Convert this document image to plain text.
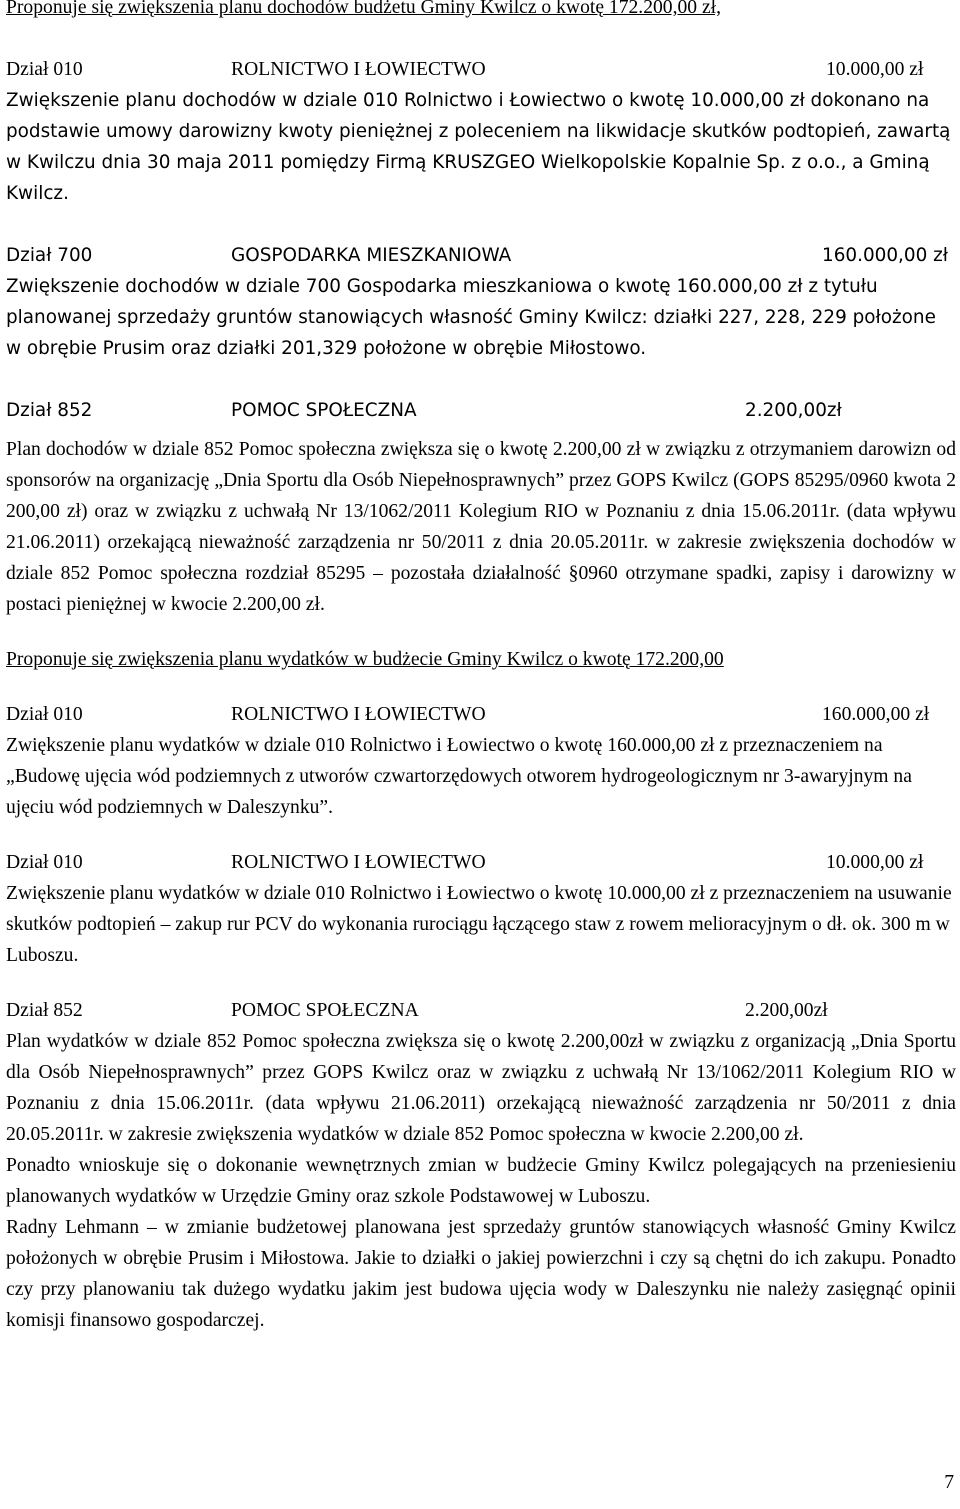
Proponuje się zwiększenia planu dochodów budżetu Gminy Kwilcz o kwotę 172.200,00 zł,
Dział 010	ROLNICTWO I ŁOWIECTWO	10.000,00 zł
Zwiększenie planu dochodów w dziale 010 Rolnictwo i Łowiectwo o kwotę 10.000,00 zł dokonano na podstawie umowy darowizny kwoty pieniężnej z poleceniem na likwidacje skutków podtopień, zawartą w Kwilczu dnia 30 maja 2011 pomiędzy Firmą KRUSZGEO Wielkopolskie Kopalnie Sp. z o.o., a Gminą Kwilcz.
Dział 700	GOSPODARKA MIESZKANIOWA	160.000,00 zł
Zwiększenie dochodów w dziale 700 Gospodarka mieszkaniowa o kwotę 160.000,00 zł z tytułu planowanej sprzedaży gruntów stanowiących własność Gminy Kwilcz: działki 227, 228, 229 położone w obrębie Prusim oraz działki 201,329 położone w obrębie Miłostowo.
Dział 852	POMOC SPOŁECZNA	2.200,00zł
Plan dochodów w dziale 852 Pomoc społeczna zwiększa się o kwotę 2.200,00 zł w związku z otrzymaniem darowizn od sponsorów na organizację „Dnia Sportu dla Osób Niepełnosprawnych” przez GOPS Kwilcz (GOPS 85295/0960 kwota 2 200,00 zł) oraz w związku z uchwałą Nr 13/1062/2011 Kolegium RIO w Poznaniu z dnia 15.06.2011r. (data wpływu 21.06.2011) orzekającą nieważność zarządzenia nr 50/2011 z dnia 20.05.2011r. w zakresie zwiększenia dochodów w dziale 852 Pomoc społeczna rozdział 85295 – pozostała działalność §0960 otrzymane spadki, zapisy i darowizny w postaci pieniężnej w kwocie 2.200,00 zł.
Proponuje się zwiększenia planu wydatków w budżecie Gminy Kwilcz o kwotę 172.200,00
Dział 010	ROLNICTWO I ŁOWIECTWO	160.000,00 zł
Zwiększenie planu wydatków w dziale 010 Rolnictwo i Łowiectwo o kwotę 160.000,00 zł z przeznaczeniem na „Budowę ujęcia wód podziemnych z utworów czwartorzędowych otworem hydrogeologicznym nr 3-awaryjnym na ujęciu wód podziemnych w Daleszynku”.
Dział 010	ROLNICTWO I ŁOWIECTWO	10.000,00 zł
Zwiększenie planu wydatków w dziale 010 Rolnictwo i Łowiectwo o kwotę 10.000,00 zł z przeznaczeniem na usuwanie skutków podtopień – zakup rur PCV do wykonania rurociągu łączącego staw z rowem melioracyjnym o dł. ok. 300 m w Luboszu.
Dział 852	POMOC SPOŁECZNA	2.200,00zł
Plan wydatków w dziale 852 Pomoc społeczna zwiększa się o kwotę 2.200,00zł w związku z organizacją „Dnia Sportu dla Osób Niepełnosprawnych” przez GOPS Kwilcz oraz w związku z uchwałą Nr 13/1062/2011 Kolegium RIO w Poznaniu z dnia 15.06.2011r. (data wpływu 21.06.2011) orzekającą nieważność zarządzenia nr 50/2011 z dnia 20.05.2011r. w zakresie zwiększenia wydatków w dziale 852 Pomoc społeczna w kwocie 2.200,00 zł.
Ponadto wnioskuje się o dokonanie wewnętrznych zmian w budżecie Gminy Kwilcz polegających na przeniesieniu planowanych wydatków w Urzędzie Gminy oraz szkole Podstawowej w Luboszu.
Radny Lehmann – w zmianie budżetowej planowana jest sprzedaży gruntów stanowiących własność Gminy Kwilcz położonych w obrębie Prusim i Miłostowa. Jakie to działki o jakiej powierzchni i czy są chętni do ich zakupu. Ponadto czy przy planowaniu tak dużego wydatku jakim jest budowa ujęcia wody w Daleszynku nie należy zasięgnąć opinii komisji finansowo gospodarczej.
7
